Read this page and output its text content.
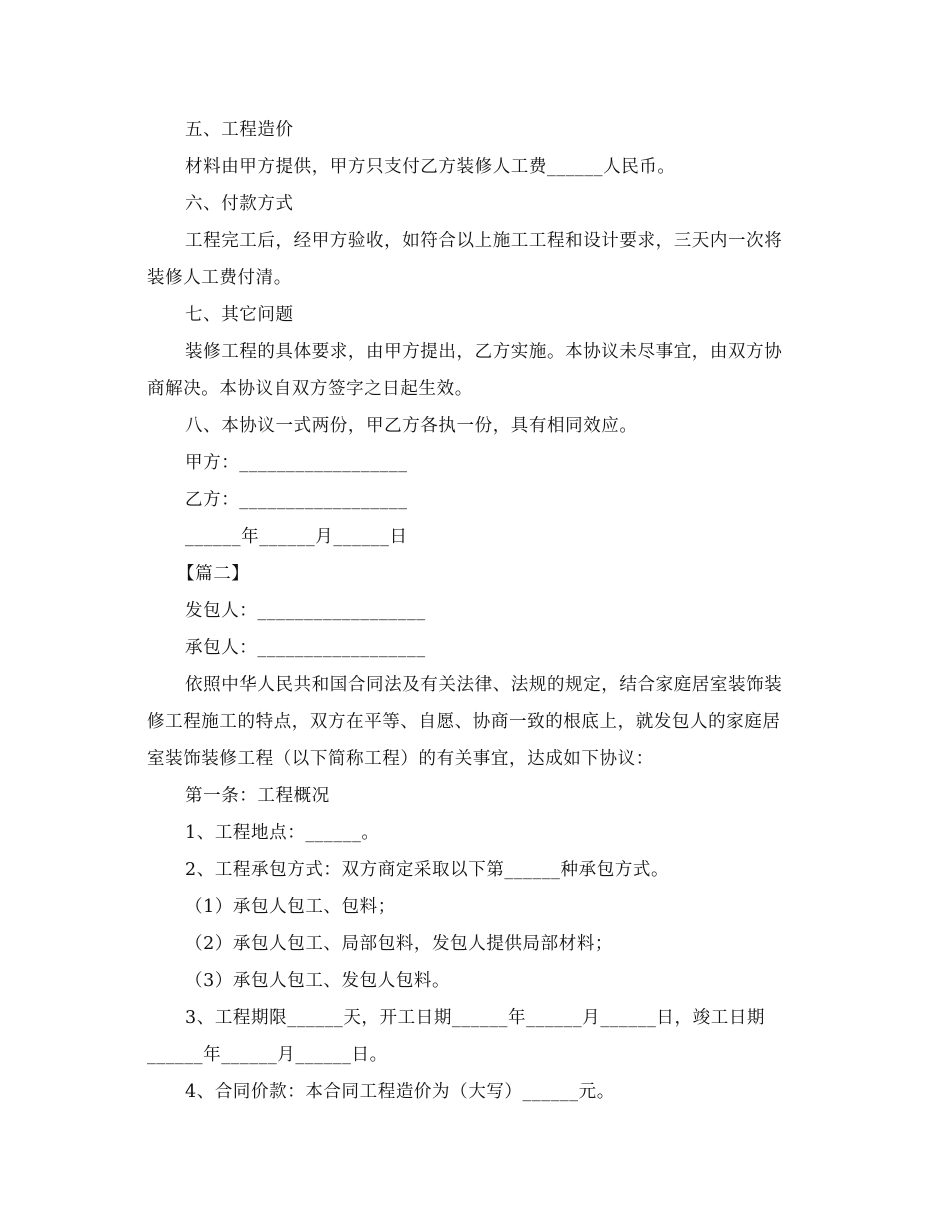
五、工程造价
材料由甲方提供，甲方只支付乙方装修人工费______人民币。
六、付款方式
工程完工后，经甲方验收，如符合以上施工工程和设计要求，三天内一次将
装修人工费付清。
七、其它问题
装修工程的具体要求，由甲方提出，乙方实施。本协议未尽事宜，由双方协
商解决。本协议自双方签字之日起生效。
八、本协议一式两份，甲乙方各执一份，具有相同效应。
甲方：__________________
乙方：__________________
______年______月______日
【篇二】
发包人：__________________
承包人：__________________
依照中华人民共和国合同法及有关法律、法规的规定，结合家庭居室装饰装
修工程施工的特点，双方在平等、自愿、协商一致的根底上，就发包人的家庭居
室装饰装修工程（以下简称工程）的有关事宜，达成如下协议：
第一条：工程概况
1、工程地点：______。
2、工程承包方式：双方商定采取以下第______种承包方式。
（1）承包人包工、包料；
（2）承包人包工、局部包料，发包人提供局部材料；
（3）承包人包工、发包人包料。
3、工程期限______天，开工日期______年______月______日，竣工日期
______年______月______日。
4、合同价款：本合同工程造价为（大写）______元。
